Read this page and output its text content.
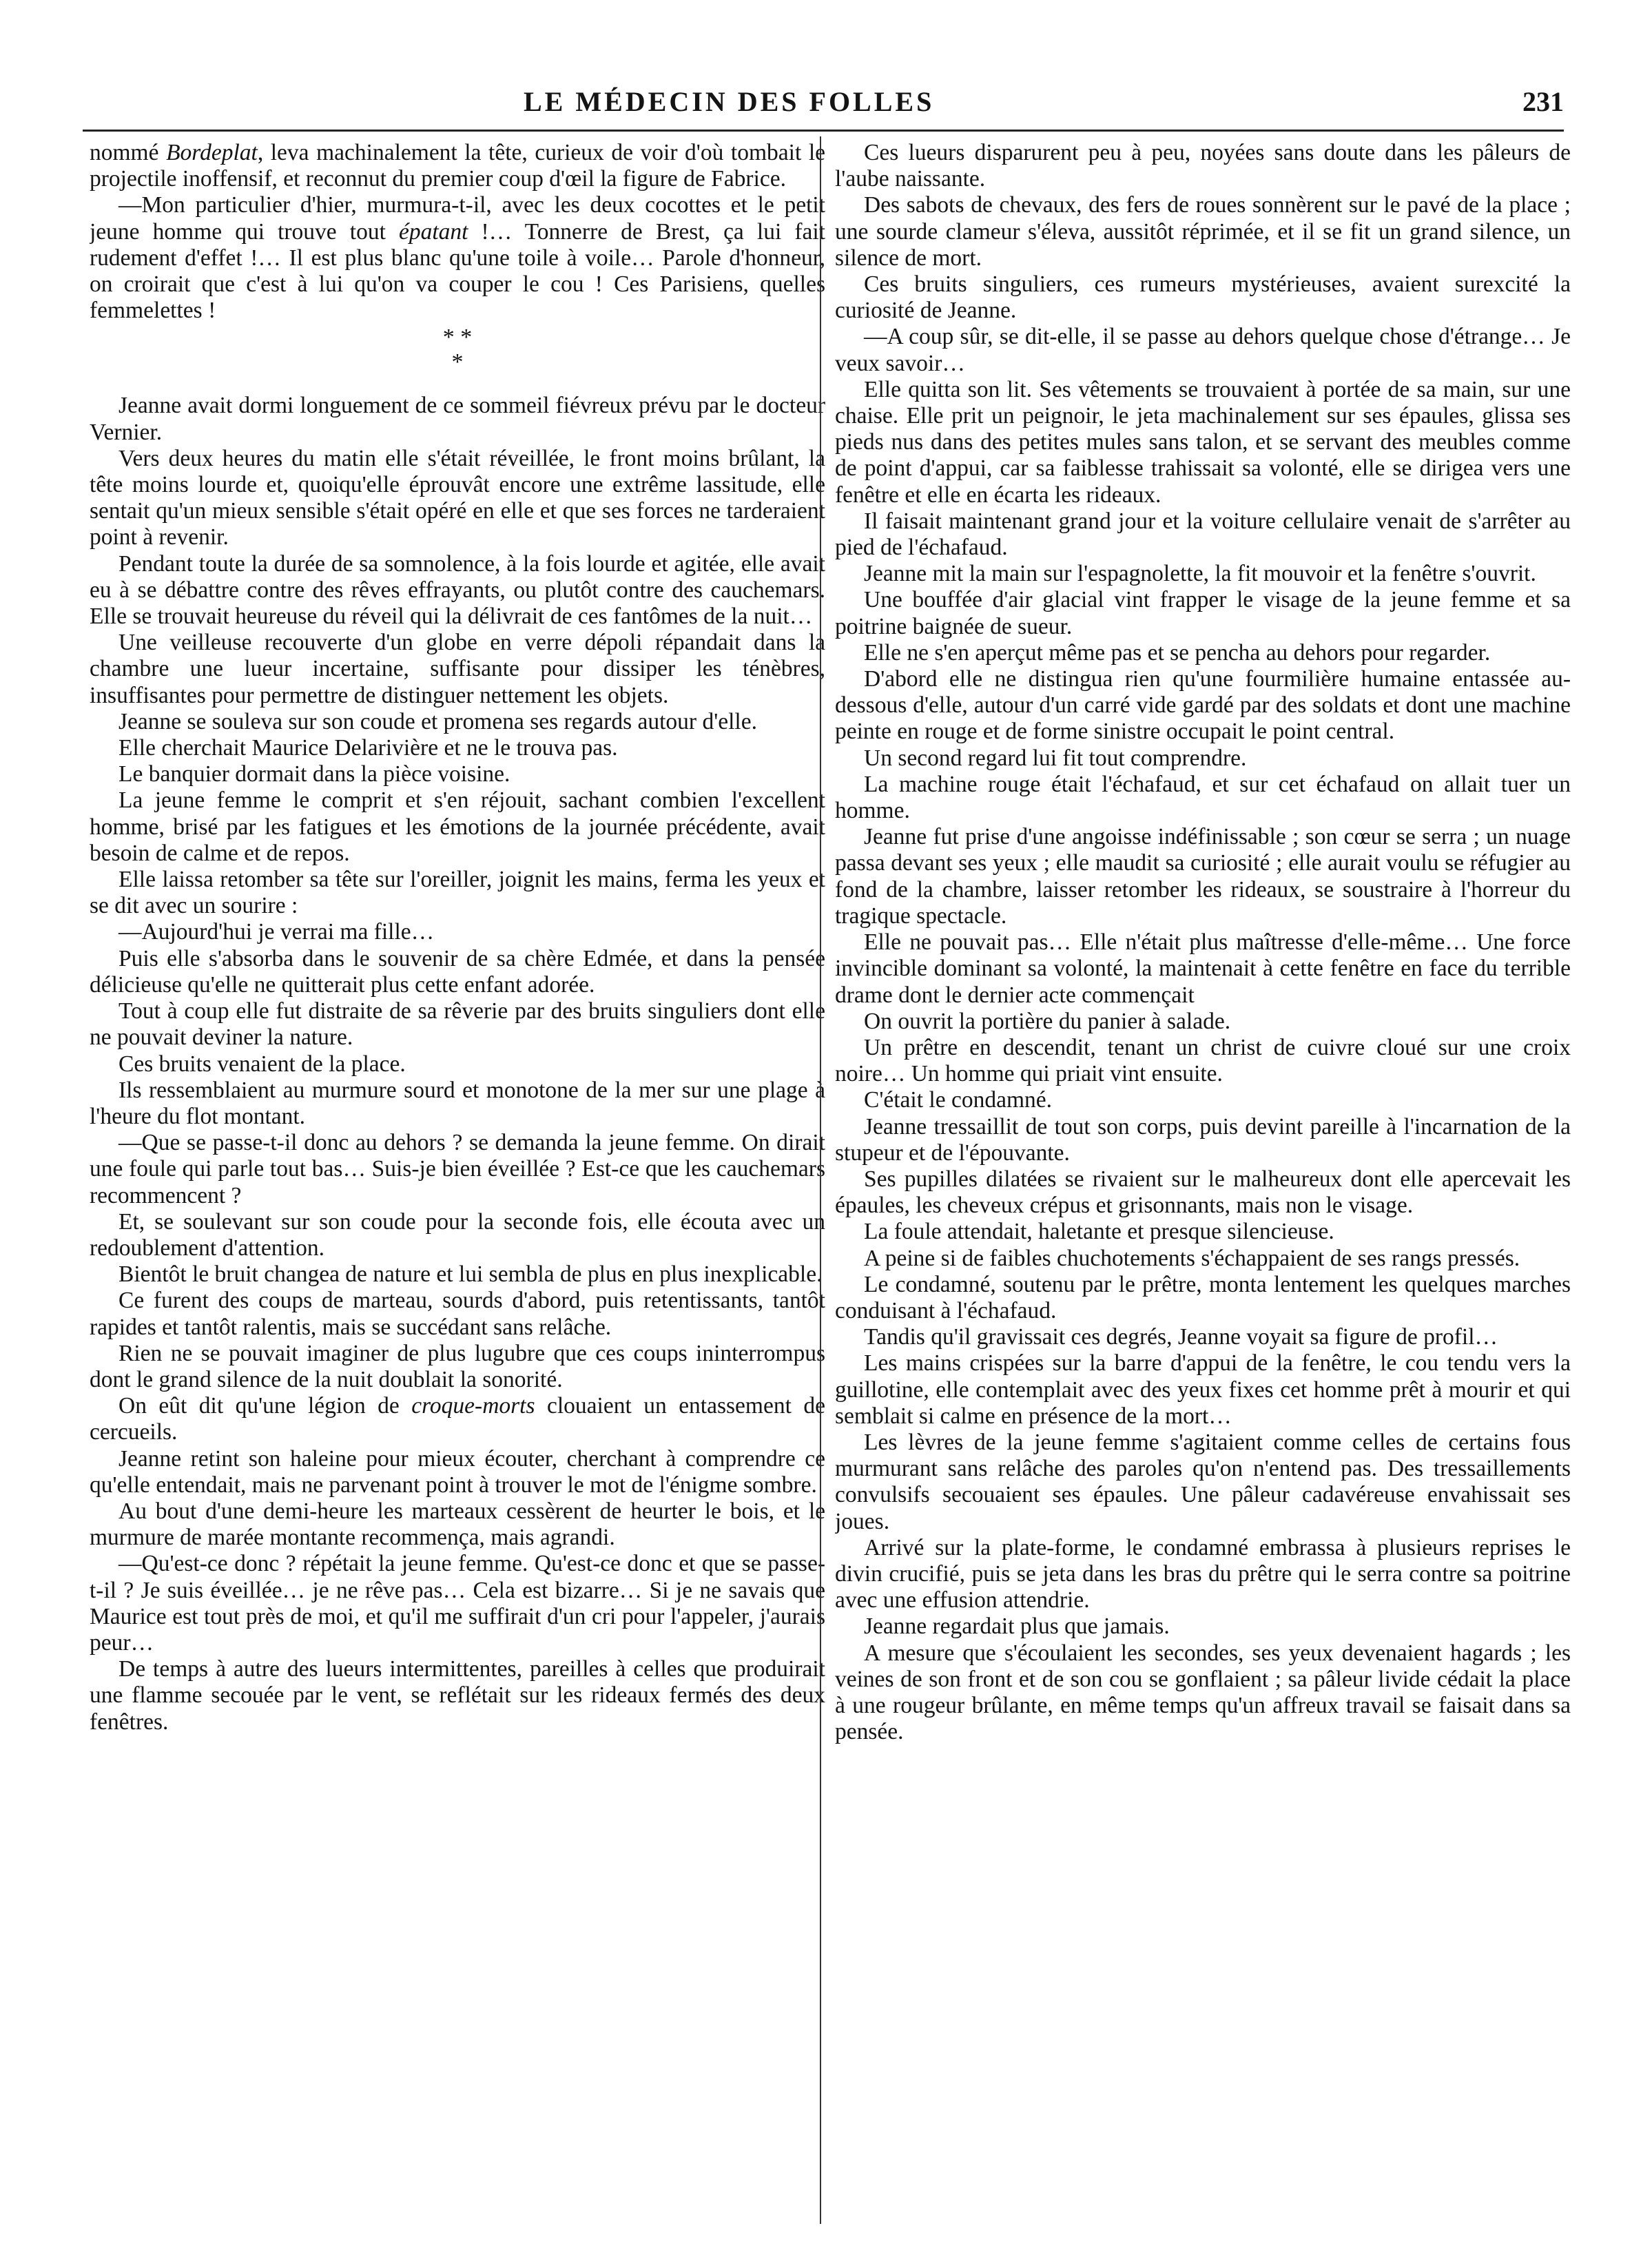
LE MÉDECIN DES FOLLES	231

nommé Bordeplat, leva machinalement la tête, curieux de voir d'où tombait le projectile inoffensif, et reconnut du premier coup d'œil la figure de Fabrice.

—Mon particulier d'hier, murmura-t-il, avec les deux cocottes et le petit jeune homme qui trouve tout épatant !… Tonnerre de Brest, ça lui fait rudement d'effet !… Il est plus blanc qu'une toile à voile… Parole d'honneur, on croirait que c'est à lui qu'on va couper le cou ! Ces Parisiens, quelles femmelettes !

* *
*

Jeanne avait dormi longuement de ce sommeil fiévreux prévu par le docteur Vernier.

Vers deux heures du matin elle s'était réveillée, le front moins brûlant, la tête moins lourde et, quoiqu'elle éprouvât encore une extrême lassitude, elle sentait qu'un mieux sensible s'était opéré en elle et que ses forces ne tarderaient point à revenir.

Pendant toute la durée de sa somnolence, à la fois lourde et agitée, elle avait eu à se débattre contre des rêves effrayants, ou plutôt contre des cauchemars. Elle se trouvait heureuse du réveil qui la délivrait de ces fantômes de la nuit…

Une veilleuse recouverte d'un globe en verre dépoli répandait dans la chambre une lueur incertaine, suffisante pour dissiper les ténèbres, insuffisantes pour permettre de distinguer nettement les objets.

Jeanne se souleva sur son coude et promena ses regards autour d'elle.

Elle cherchait Maurice Delarivière et ne le trouva pas.

Le banquier dormait dans la pièce voisine.

La jeune femme le comprit et s'en réjouit, sachant combien l'excellent homme, brisé par les fatigues et les émotions de la journée précédente, avait besoin de calme et de repos.

Elle laissa retomber sa tête sur l'oreiller, joignit les mains, ferma les yeux et se dit avec un sourire :

—Aujourd'hui je verrai ma fille…

Puis elle s'absorba dans le souvenir de sa chère Edmée, et dans la pensée délicieuse qu'elle ne quitterait plus cette enfant adorée.

Tout à coup elle fut distraite de sa rêverie par des bruits singuliers dont elle ne pouvait deviner la nature.

Ces bruits venaient de la place.

Ils ressemblaient au murmure sourd et monotone de la mer sur une plage à l'heure du flot montant.

—Que se passe-t-il donc au dehors ? se demanda la jeune femme. On dirait une foule qui parle tout bas… Suis-je bien éveillée ? Est-ce que les cauchemars recommencent ?

Et, se soulevant sur son coude pour la seconde fois, elle écouta avec un redoublement d'attention.

Bientôt le bruit changea de nature et lui sembla de plus en plus inexplicable.

Ce furent des coups de marteau, sourds d'abord, puis retentissants, tantôt rapides et tantôt ralentis, mais se succédant sans relâche.

Rien ne se pouvait imaginer de plus lugubre que ces coups ininterrompus dont le grand silence de la nuit doublait la sonorité.

On eût dit qu'une légion de croque-morts clouaient un entassement de cercueils.

Jeanne retint son haleine pour mieux écouter, cherchant à comprendre ce qu'elle entendait, mais ne parvenant point à trouver le mot de l'énigme sombre.

Au bout d'une demi-heure les marteaux cessèrent de heurter le bois, et le murmure de marée montante recommença, mais agrandi.

—Qu'est-ce donc ? répétait la jeune femme. Qu'est-ce donc et que se passe-t-il ? Je suis éveillée… je ne rêve pas… Cela est bizarre… Si je ne savais que Maurice est tout près de moi, et qu'il me suffirait d'un cri pour l'appeler, j'aurais peur…

De temps à autre des lueurs intermittentes, pareilles à celles que produirait une flamme secouée par le vent, se reflétait sur les rideaux fermés des deux fenêtres.

Ces lueurs disparurent peu à peu, noyées sans doute dans les pâleurs de l'aube naissante.

Des sabots de chevaux, des fers de roues sonnèrent sur le pavé de la place ; une sourde clameur s'éleva, aussitôt réprimée, et il se fit un grand silence, un silence de mort.

Ces bruits singuliers, ces rumeurs mystérieuses, avaient surexcité la curiosité de Jeanne.

—A coup sûr, se dit-elle, il se passe au dehors quelque chose d'étrange… Je veux savoir…

Elle quitta son lit. Ses vêtements se trouvaient à portée de sa main, sur une chaise. Elle prit un peignoir, le jeta machinalement sur ses épaules, glissa ses pieds nus dans des petites mules sans talon, et se servant des meubles comme de point d'appui, car sa faiblesse trahissait sa volonté, elle se dirigea vers une fenêtre et elle en écarta les rideaux.

Il faisait maintenant grand jour et la voiture cellulaire venait de s'arrêter au pied de l'échafaud.

Jeanne mit la main sur l'espagnolette, la fit mouvoir et la fenêtre s'ouvrit.

Une bouffée d'air glacial vint frapper le visage de la jeune femme et sa poitrine baignée de sueur.

Elle ne s'en aperçut même pas et se pencha au dehors pour regarder.

D'abord elle ne distingua rien qu'une fourmilière humaine entassée au-dessous d'elle, autour d'un carré vide gardé par des soldats et dont une machine peinte en rouge et de forme sinistre occupait le point central.

Un second regard lui fit tout comprendre.

La machine rouge était l'échafaud, et sur cet échafaud on allait tuer un homme.

Jeanne fut prise d'une angoisse indéfinissable ; son cœur se serra ; un nuage passa devant ses yeux ; elle maudit sa curiosité ; elle aurait voulu se réfugier au fond de la chambre, laisser retomber les rideaux, se soustraire à l'horreur du tragique spectacle.

Elle ne pouvait pas… Elle n'était plus maîtresse d'elle-même… Une force invincible dominant sa volonté, la maintenait à cette fenêtre en face du terrible drame dont le dernier acte commençait

On ouvrit la portière du panier à salade.

Un prêtre en descendit, tenant un christ de cuivre cloué sur une croix noire… Un homme qui priait vint ensuite.

C'était le condamné.

Jeanne tressaillit de tout son corps, puis devint pareille à l'incarnation de la stupeur et de l'épouvante.

Ses pupilles dilatées se rivaient sur le malheureux dont elle apercevait les épaules, les cheveux crépus et grisonnants, mais non le visage.

La foule attendait, haletante et presque silencieuse.

A peine si de faibles chuchotements s'échappaient de ses rangs pressés.

Le condamné, soutenu par le prêtre, monta lentement les quelques marches conduisant à l'échafaud.

Tandis qu'il gravissait ces degrés, Jeanne voyait sa figure de profil…

Les mains crispées sur la barre d'appui de la fenêtre, le cou tendu vers la guillotine, elle contemplait avec des yeux fixes cet homme prêt à mourir et qui semblait si calme en présence de la mort…

Les lèvres de la jeune femme s'agitaient comme celles de certains fous murmurant sans relâche des paroles qu'on n'entend pas. Des tressaillements convulsifs secouaient ses épaules. Une pâleur cadavéreuse envahissait ses joues.

Arrivé sur la plate-forme, le condamné embrassa à plusieurs reprises le divin crucifié, puis se jeta dans les bras du prêtre qui le serra contre sa poitrine avec une effusion attendrie.

Jeanne regardait plus que jamais.

A mesure que s'écoulaient les secondes, ses yeux devenaient hagards ; les veines de son front et de son cou se gonflaient ; sa pâleur livide cédait la place à une rougeur brûlante, en même temps qu'un affreux travail se faisait dans sa pensée.
